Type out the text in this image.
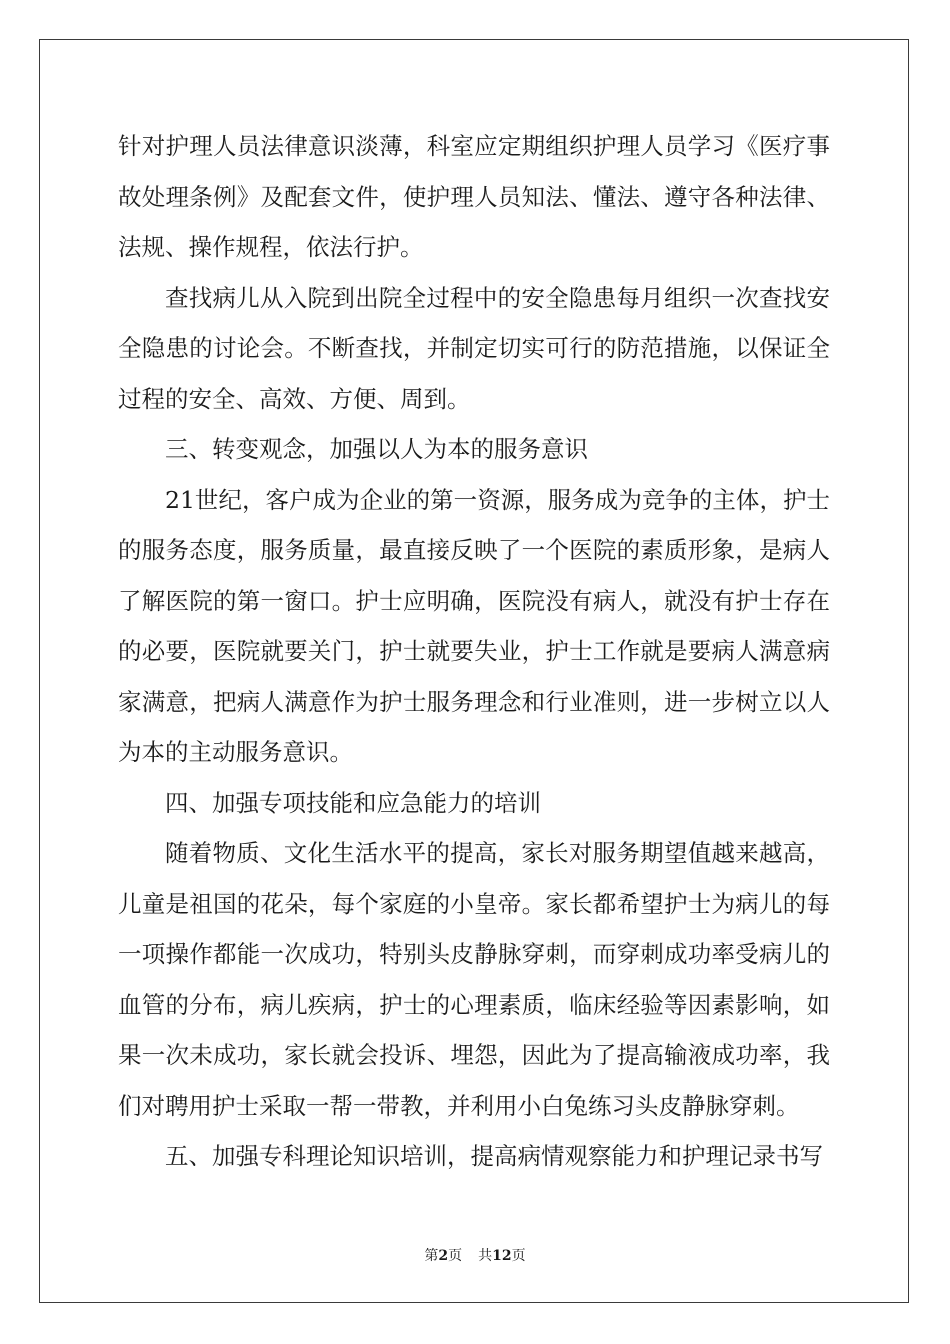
针对护理人员法律意识淡薄，科室应定期组织护理人员学习《医疗事故处理条例》及配套文件，使护理人员知法、懂法、遵守各种法律、法规、操作规程，依法行护。

查找病儿从入院到出院全过程中的安全隐患每月组织一次查找安全隐患的讨论会。不断查找，并制定切实可行的防范措施，以保证全过程的安全、高效、方便、周到。

三、转变观念，加强以人为本的服务意识

21世纪，客户成为企业的第一资源，服务成为竞争的主体，护士的服务态度，服务质量，最直接反映了一个医院的素质形象，是病人了解医院的第一窗口。护士应明确，医院没有病人，就没有护士存在的必要，医院就要关门，护士就要失业，护士工作就是要病人满意病家满意，把病人满意作为护士服务理念和行业准则，进一步树立以人为本的主动服务意识。

四、加强专项技能和应急能力的培训

随着物质、文化生活水平的提高，家长对服务期望值越来越高，儿童是祖国的花朵，每个家庭的小皇帝。家长都希望护士为病儿的每一项操作都能一次成功，特别头皮静脉穿刺，而穿刺成功率受病儿的血管的分布，病儿疾病，护士的心理素质，临床经验等因素影响，如果一次未成功，家长就会投诉、埋怨，因此为了提高输液成功率，我们对聘用护士采取一帮一带教，并利用小白兔练习头皮静脉穿刺。

五、加强专科理论知识培训，提高病情观察能力和护理记录书写

第2页 共12页
